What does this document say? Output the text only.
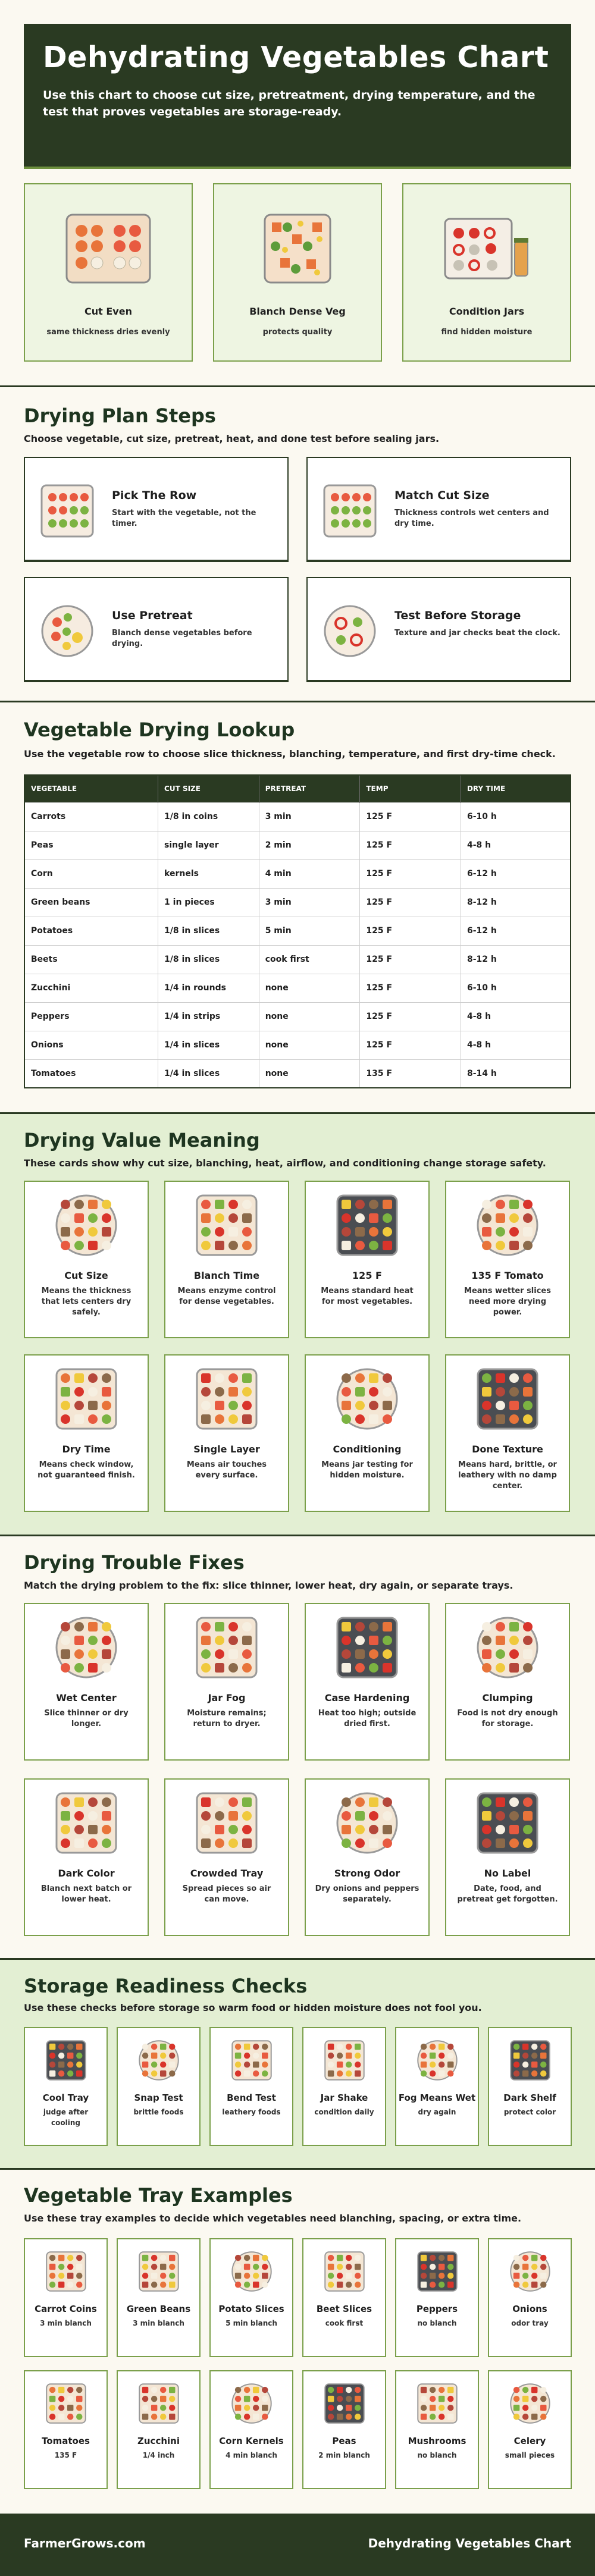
Dehydrating Vegetables Chart

Use this chart to choose cut size, pretreatment, drying temperature, and the test that proves vegetables are storage-ready.

Cut Even
same thickness dries evenly
Blanch Dense Veg
protects quality
Condition Jars
find hidden moisture
Drying Plan Steps
Choose vegetable, cut size, pretreat, heat, and done test before sealing jars.
Pick The Row
Start with the vegetable, not the timer.
Match Cut Size
Thickness controls wet centers and dry time.
Use Pretreat
Blanch dense vegetables before drying.
Test Before Storage
Texture and jar checks beat the clock.
Vegetable Drying Lookup
Use the vegetable row to choose slice thickness, blanching, temperature, and first dry-time check.
VEGETABLE	CUT SIZE	PRETREAT	TEMP	DRY TIME
Carrots	1/8 in coins	3 min	125 F	6-10 h
Peas	single layer	2 min	125 F	4-8 h
Corn	kernels	4 min	125 F	6-12 h
Green beans	1 in pieces	3 min	125 F	8-12 h
Potatoes	1/8 in slices	5 min	125 F	6-12 h
Beets	1/8 in slices	cook first	125 F	8-12 h
Zucchini	1/4 in rounds	none	125 F	6-10 h
Peppers	1/4 in strips	none	125 F	4-8 h
Onions	1/4 in slices	none	125 F	4-8 h
Tomatoes	1/4 in slices	none	135 F	8-14 h
Drying Value Meaning
These cards show why cut size, blanching, heat, airflow, and conditioning change storage safety.
Cut Size
Means the thickness that lets centers dry safely.
Blanch Time
Means enzyme control for dense vegetables.
125 F
Means standard heat for most vegetables.
135 F Tomato
Means wetter slices need more drying power.
Dry Time
Means check window, not guaranteed finish.
Single Layer
Means air touches every surface.
Conditioning
Means jar testing for hidden moisture.
Done Texture
Means hard, brittle, or leathery with no damp center.
Drying Trouble Fixes
Match the drying problem to the fix: slice thinner, lower heat, dry again, or separate trays.
Wet Center
Slice thinner or dry longer.
Jar Fog
Moisture remains; return to dryer.
Case Hardening
Heat too high; outside dried first.
Clumping
Food is not dry enough for storage.
Dark Color
Blanch next batch or lower heat.
Crowded Tray
Spread pieces so air can move.
Strong Odor
Dry onions and peppers separately.
No Label
Date, food, and pretreat get forgotten.
Storage Readiness Checks
Use these checks before storage so warm food or hidden moisture does not fool you.
Cool Tray
judge after cooling
Snap Test
brittle foods
Bend Test
leathery foods
Jar Shake
condition daily
Fog Means Wet
dry again
Dark Shelf
protect color
Vegetable Tray Examples
Use these tray examples to decide which vegetables need blanching, spacing, or extra time.
Carrot Coins
3 min blanch
Green Beans
3 min blanch
Potato Slices
5 min blanch
Beet Slices
cook first
Peppers
no blanch
Onions
odor tray
Tomatoes
135 F
Zucchini
1/4 inch
Corn Kernels
4 min blanch
Peas
2 min blanch
Mushrooms
no blanch
Celery
small pieces
FarmerGrows.com	Dehydrating Vegetables Chart
